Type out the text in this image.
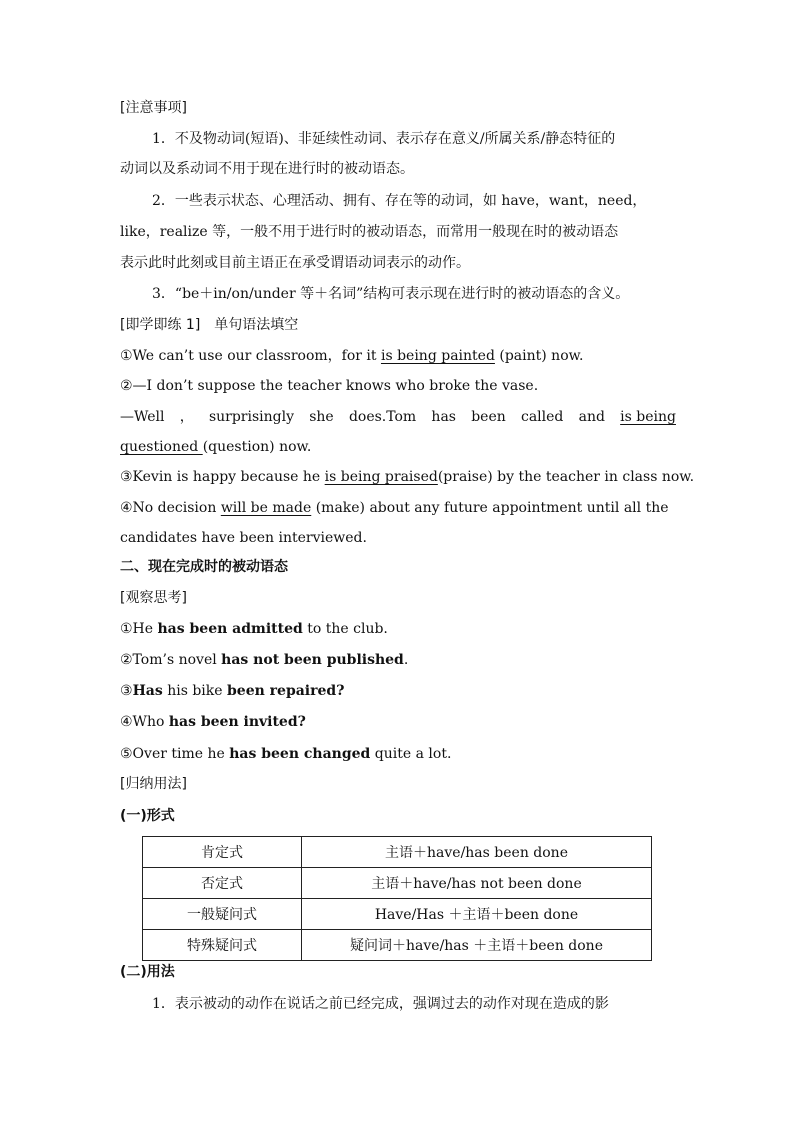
[注意事项]
1．不及物动词(短语)、非延续性动词、表示存在意义/所属关系/静态特征的
动词以及系动词不用于现在进行时的被动语态。
2．一些表示状态、心理活动、拥有、存在等的动词，如 have，want，need，
like，realize 等，一般不用于进行时的被动语态，而常用一般现在时的被动语态
表示此时此刻或目前主语正在承受谓语动词表示的动作。
3．“be＋in/on/under 等＋名词”结构可表示现在进行时的被动语态的含义。
[即学即练 1]　单句语法填空
①We can’t use our classroom，for it is being painted (paint) now.
②—I don’t suppose the teacher knows who broke the vase.
—Well ， surprisingly she does.Tom has been called and is being
questioned (question) now.
③Kevin is happy because he is being praised(praise) by the teacher in class now.
④No decision will be made (make) about any future appointment until all the
candidates have been interviewed.
二、现在完成时的被动语态
[观察思考]
①He has been admitted to the club.
②Tom’s novel has not been published.
③Has his bike been repaired?
④Who has been invited?
⑤Over time he has been changed quite a lot.
[归纳用法]
(一)形式
肯定式	主语＋have/has been done
否定式	主语＋have/has not been done
一般疑问式	Have/Has ＋主语＋been done
特殊疑问式	疑问词＋have/has ＋主语＋been done
(二)用法
1．表示被动的动作在说话之前已经完成，强调过去的动作对现在造成的影
